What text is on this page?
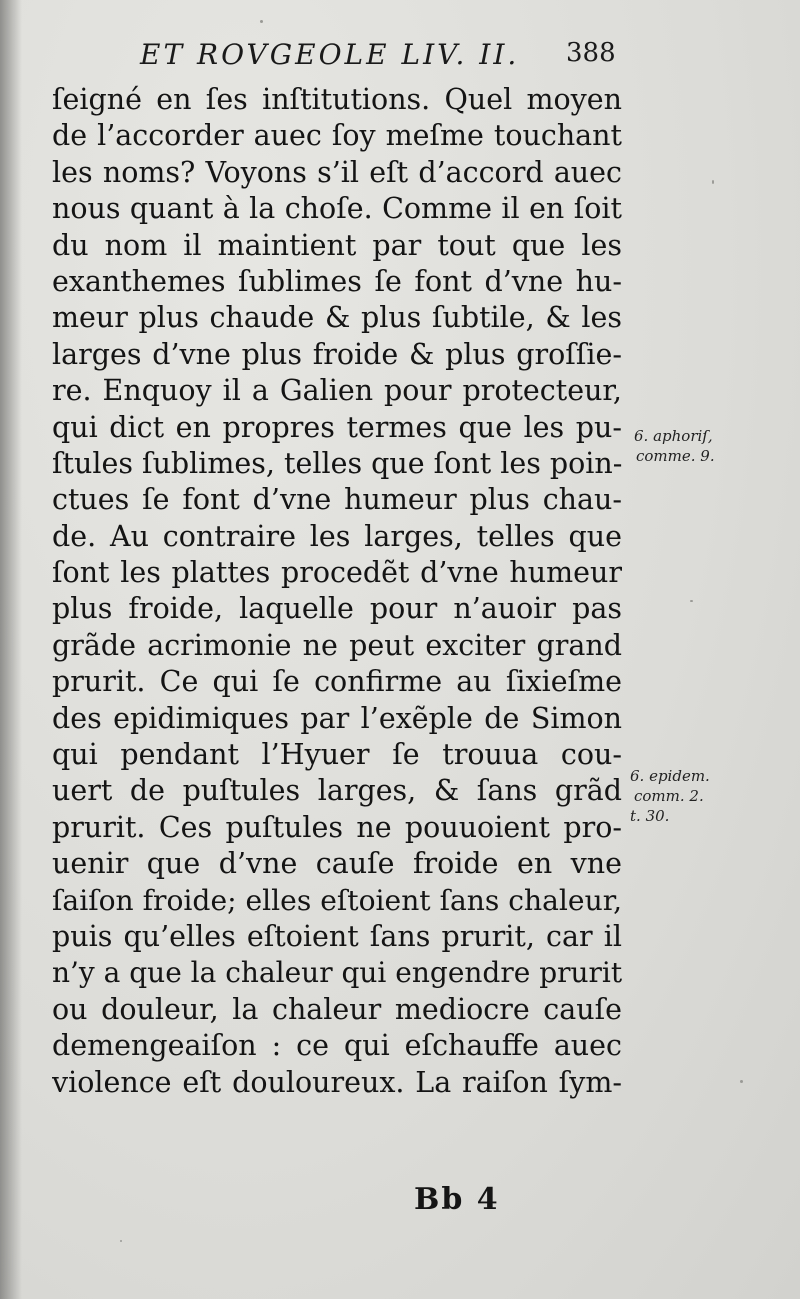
ET ROVGEOLE LIV. II. 388
ſeigné en ſes inſtitutions. Quel moyen
de l’accorder auec ſoy meſme touchant
les noms? Voyons s’il eſt d’accord auec
nous quant à la choſe. Comme il en ſoit
du nom il maintient par tout que les
exanthemes ſublimes ſe font d’vne hu-
meur plus chaude & plus ſubtile, & les
larges d’vne plus froide & plus groſſie-
re. Enquoy il a Galien pour protecteur,
qui dict en propres termes que les pu-
ſtules ſublimes, telles que ſont les poin-
ctues ſe font d’vne humeur plus chau-
de. Au contraire les larges, telles que
ſont les plattes procedẽt d’vne humeur
plus froide, laquelle pour n’auoir pas
grãde acrimonie ne peut exciter grand
prurit. Ce qui ſe confirme au ſixieſme
des epidimiques par l’exẽple de Simon
qui pendant l’Hyuer ſe trouua cou-
uert de puſtules larges, & ſans grãd
prurit. Ces puſtules ne pouuoient pro-
uenir que d’vne cauſe froide en vne
ſaiſon froide; elles eſtoient ſans chaleur,
puis qu’elles eſtoient ſans prurit, car il
n’y a que la chaleur qui engendre prurit
ou douleur, la chaleur mediocre cauſe
demengeaiſon : ce qui eſchauffe auec
violence eſt douloureux. La raiſon ſym-
6. aphoriſ,
comme. 9.
6. epidem.
comm. 2.
t. 30.
Bb 4
